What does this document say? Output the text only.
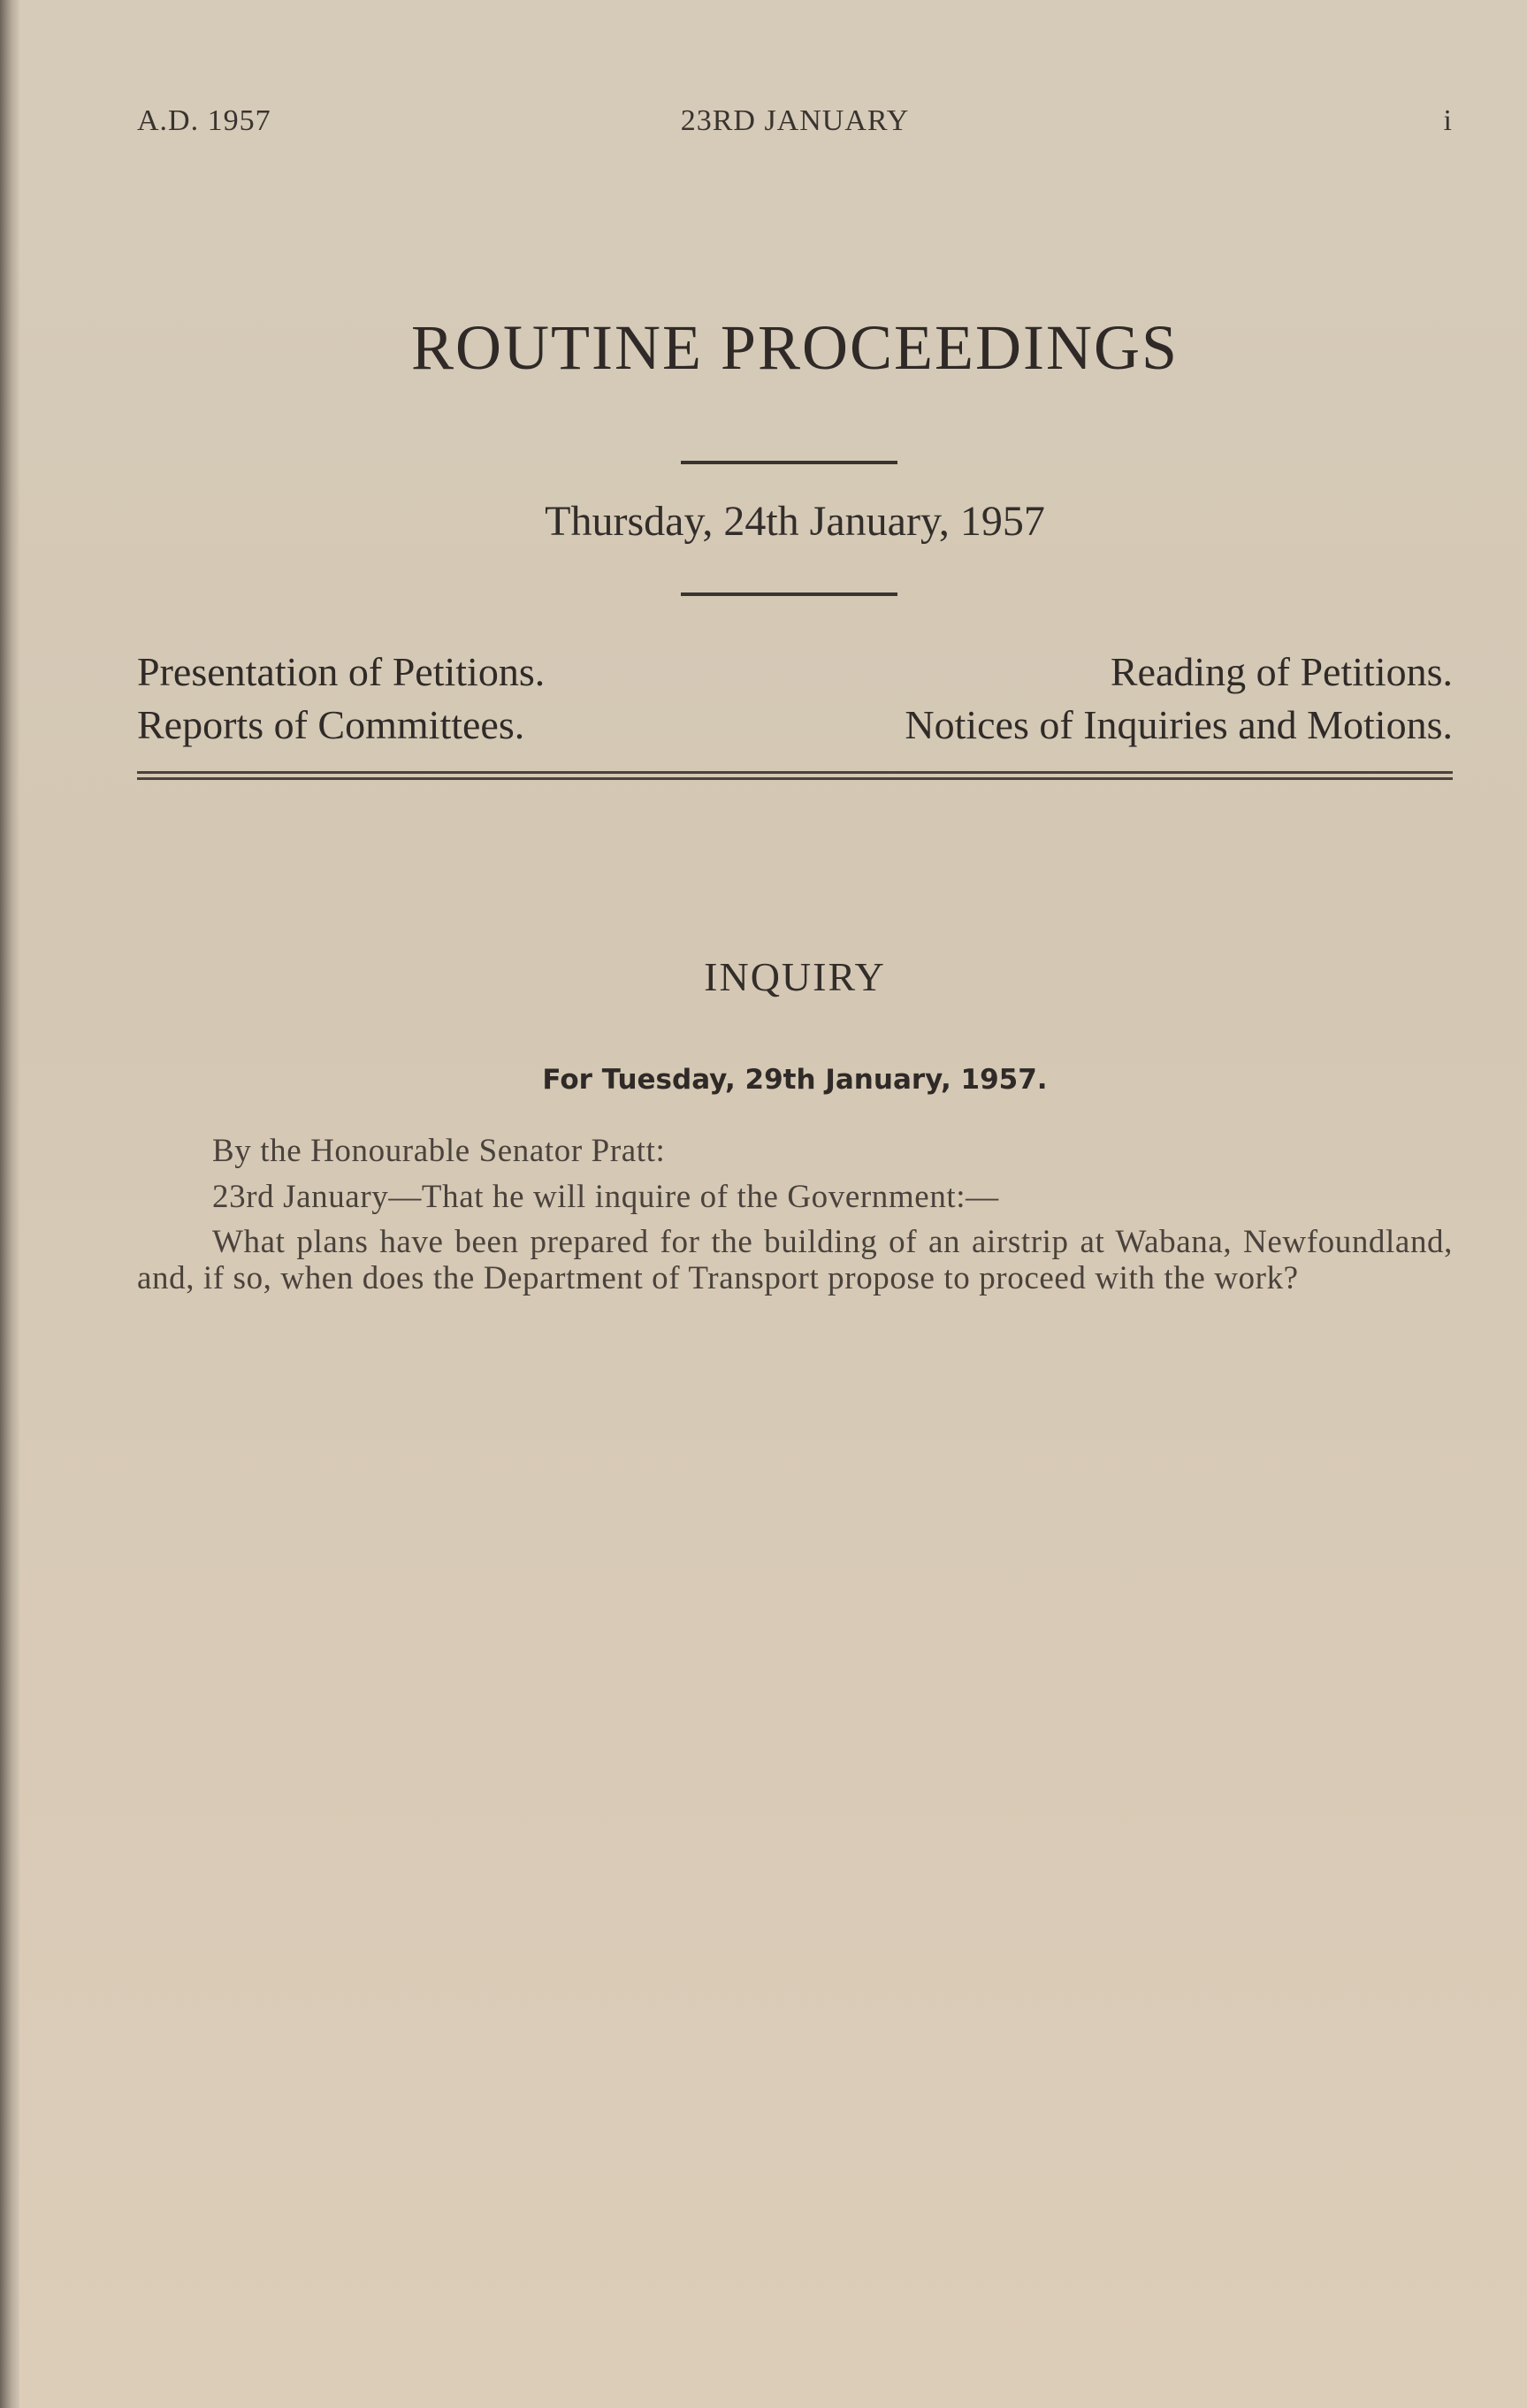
A.D. 1957	23RD JANUARY	i
ROUTINE PROCEEDINGS
Thursday, 24th January, 1957
Presentation of Petitions.	Reading of Petitions.
Reports of Committees.	Notices of Inquiries and Motions.
INQUIRY
For Tuesday, 29th January, 1957.

By the Honourable Senator Pratt:

23rd January—That he will inquire of the Government:—

What plans have been prepared for the building of an airstrip at Wabana, Newfoundland, and, if so, when does the Department of Transport propose to proceed with the work?
